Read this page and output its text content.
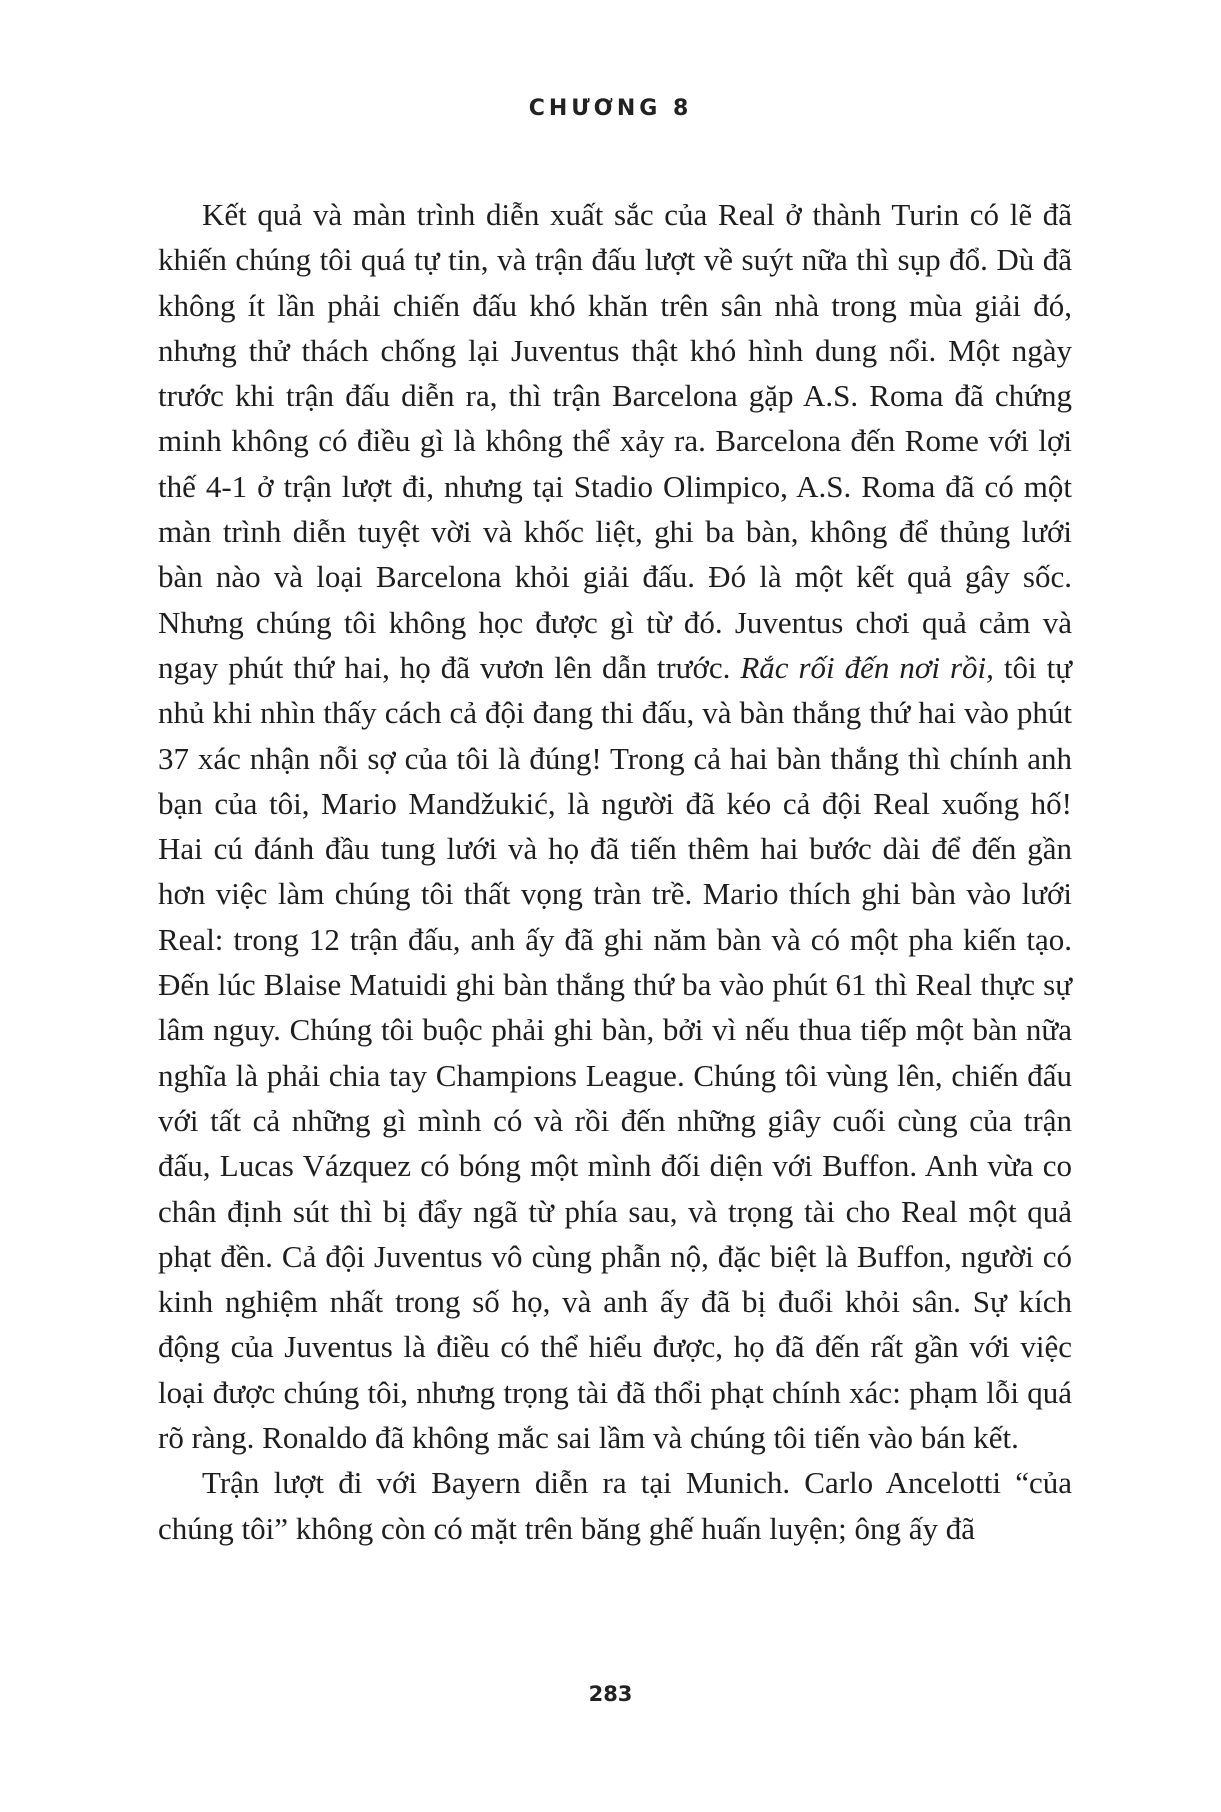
CHƯƠNG 8

Kết quả và màn trình diễn xuất sắc của Real ở thành Turin có lẽ đã khiến chúng tôi quá tự tin, và trận đấu lượt về suýt nữa thì sụp đổ. Dù đã không ít lần phải chiến đấu khó khăn trên sân nhà trong mùa giải đó, nhưng thử thách chống lại Juventus thật khó hình dung nổi. Một ngày trước khi trận đấu diễn ra, thì trận Barcelona gặp A.S. Roma đã chứng minh không có điều gì là không thể xảy ra. Barcelona đến Rome với lợi thế 4-1 ở trận lượt đi, nhưng tại Stadio Olimpico, A.S. Roma đã có một màn trình diễn tuyệt vời và khốc liệt, ghi ba bàn, không để thủng lưới bàn nào và loại Barcelona khỏi giải đấu. Đó là một kết quả gây sốc. Nhưng chúng tôi không học được gì từ đó. Juventus chơi quả cảm và ngay phút thứ hai, họ đã vươn lên dẫn trước. Rắc rối đến nơi rồi, tôi tự nhủ khi nhìn thấy cách cả đội đang thi đấu, và bàn thắng thứ hai vào phút 37 xác nhận nỗi sợ của tôi là đúng! Trong cả hai bàn thắng thì chính anh bạn của tôi, Mario Mandžukić, là người đã kéo cả đội Real xuống hố! Hai cú đánh đầu tung lưới và họ đã tiến thêm hai bước dài để đến gần hơn việc làm chúng tôi thất vọng tràn trề. Mario thích ghi bàn vào lưới Real: trong 12 trận đấu, anh ấy đã ghi năm bàn và có một pha kiến tạo. Đến lúc Blaise Matuidi ghi bàn thắng thứ ba vào phút 61 thì Real thực sự lâm nguy. Chúng tôi buộc phải ghi bàn, bởi vì nếu thua tiếp một bàn nữa nghĩa là phải chia tay Champions League. Chúng tôi vùng lên, chiến đấu với tất cả những gì mình có và rồi đến những giây cuối cùng của trận đấu, Lucas Vázquez có bóng một mình đối diện với Buffon. Anh vừa co chân định sút thì bị đẩy ngã từ phía sau, và trọng tài cho Real một quả phạt đền. Cả đội Juventus vô cùng phẫn nộ, đặc biệt là Buffon, người có kinh nghiệm nhất trong số họ, và anh ấy đã bị đuổi khỏi sân. Sự kích động của Juventus là điều có thể hiểu được, họ đã đến rất gần với việc loại được chúng tôi, nhưng trọng tài đã thổi phạt chính xác: phạm lỗi quá rõ ràng. Ronaldo đã không mắc sai lầm và chúng tôi tiến vào bán kết.

Trận lượt đi với Bayern diễn ra tại Munich. Carlo Ancelotti “của chúng tôi” không còn có mặt trên băng ghế huấn luyện; ông ấy đã

283
